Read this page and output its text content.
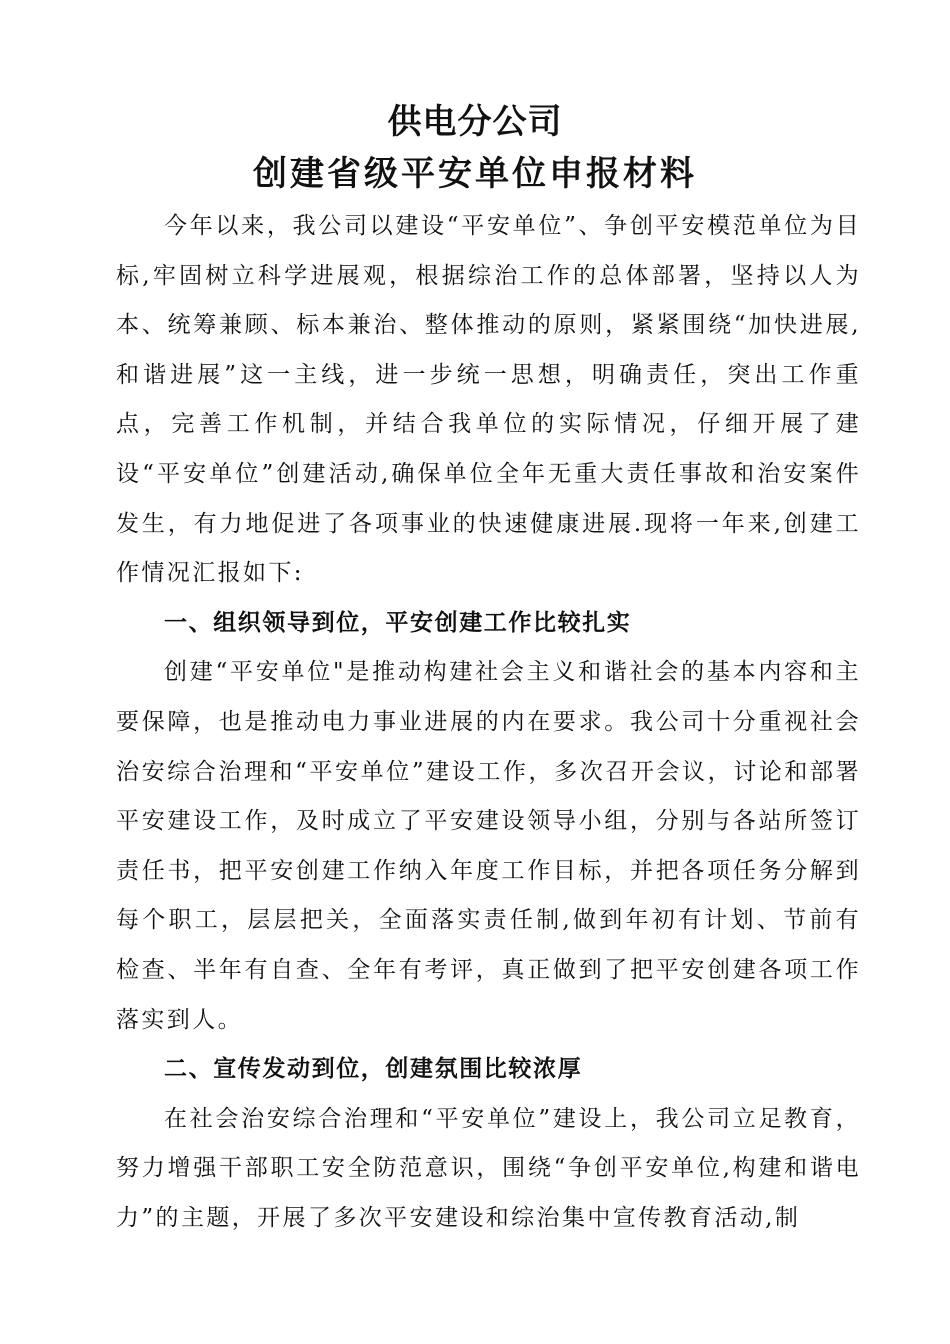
供电分公司
创建省级平安单位申报材料

今年以来，我公司以建设“平安单位”、争创平安模范单位为目标,牢固树立科学进展观，根据综治工作的总体部署，坚持以人为本、统筹兼顾、标本兼治、整体推动的原则，紧紧围绕“加快进展,和谐进展”这一主线，进一步统一思想，明确责任，突出工作重点，完善工作机制，并结合我单位的实际情况，仔细开展了建设“平安单位”创建活动,确保单位全年无重大责任事故和治安案件发生，有力地促进了各项事业的快速健康进展.现将一年来,创建工作情况汇报如下:

一、组织领导到位，平安创建工作比较扎实

创建“平安单位"是推动构建社会主义和谐社会的基本内容和主要保障，也是推动电力事业进展的内在要求。我公司十分重视社会治安综合治理和“平安单位”建设工作，多次召开会议，讨论和部署平安建设工作，及时成立了平安建设领导小组，分别与各站所签订责任书，把平安创建工作纳入年度工作目标，并把各项任务分解到每个职工，层层把关，全面落实责任制,做到年初有计划、节前有检查、半年有自查、全年有考评，真正做到了把平安创建各项工作落实到人。

二、宣传发动到位，创建氛围比较浓厚

在社会治安综合治理和“平安单位”建设上，我公司立足教育，努力增强干部职工安全防范意识，围绕“争创平安单位,构建和谐电力”的主题，开展了多次平安建设和综治集中宣传教育活动,制
